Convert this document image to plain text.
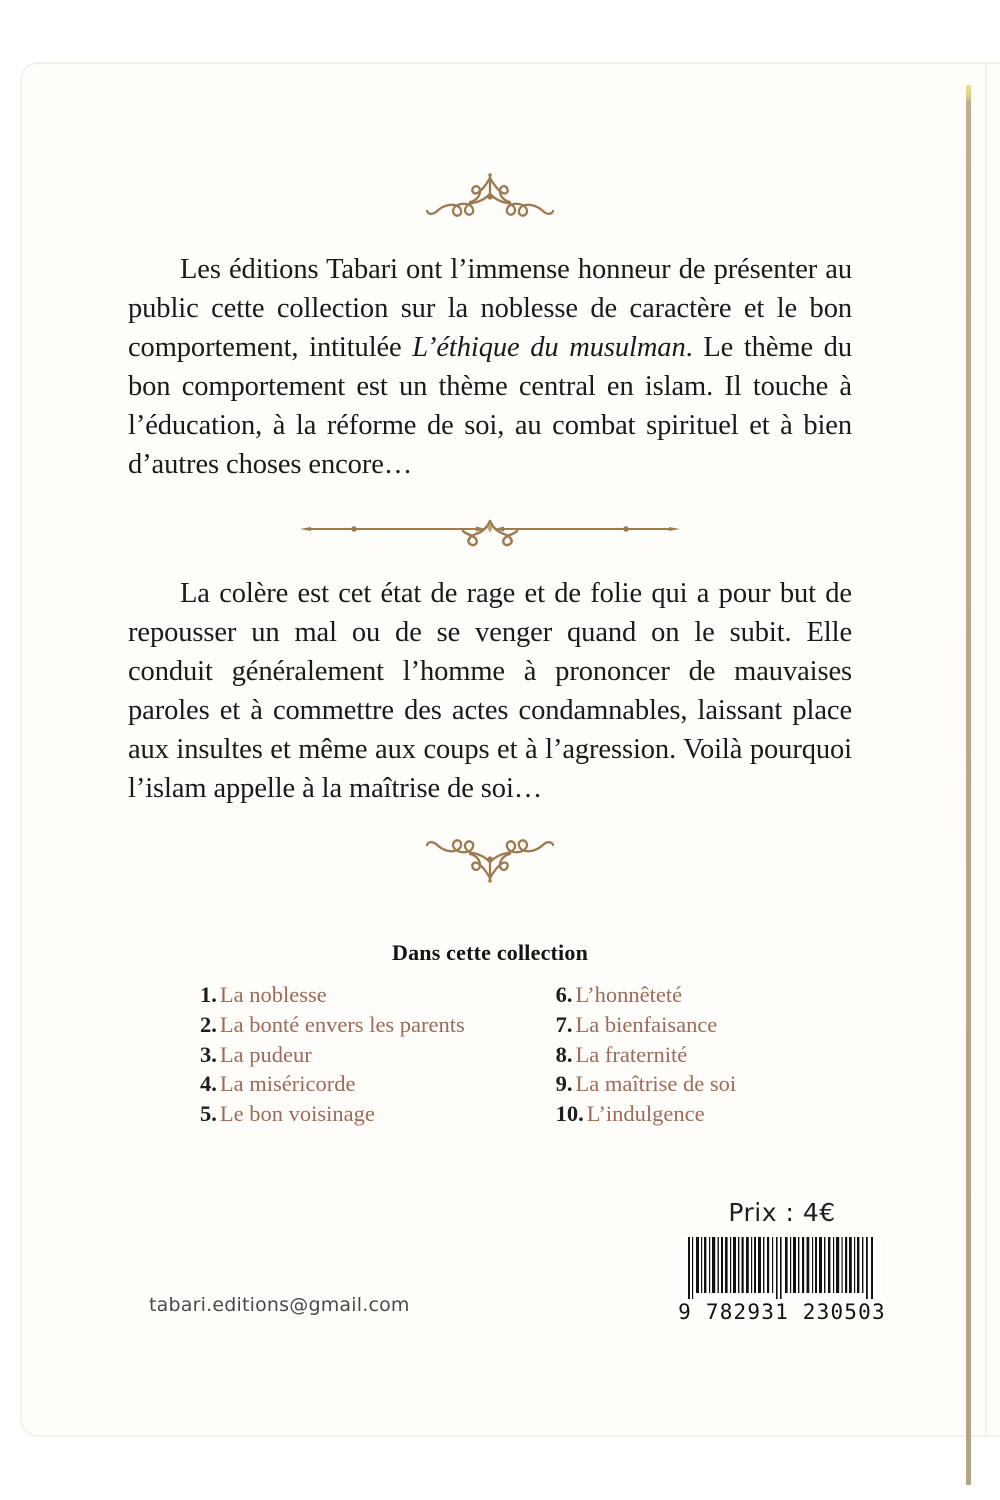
Les éditions Tabari ont l’immense honneur de présenter au public cette collection sur la noblesse de caractère et le bon comportement, intitulée L’éthique du musulman. Le thème du bon comportement est un thème central en islam. Il touche à l’éducation, à la réforme de soi, au combat spirituel et à bien d’autres choses encore…

La colère est cet état de rage et de folie qui a pour but de repousser un mal ou de se venger quand on le subit. Elle conduit généralement l’homme à prononcer de mauvaises paroles et à commettre des actes condamnables, laissant place aux insultes et même aux coups et à l’agression. Voilà pourquoi l’islam appelle à la maîtrise de soi…

Dans cette collection
1. La noblesse
2. La bonté envers les parents
3. La pudeur
4. La miséricorde
5. Le bon voisinage
6. L’honnêteté
7. La bienfaisance
8. La fraternité
9. La maîtrise de soi
10. L’indulgence
Prix : 4€
9 782931 230503
tabari.editions@gmail.com
